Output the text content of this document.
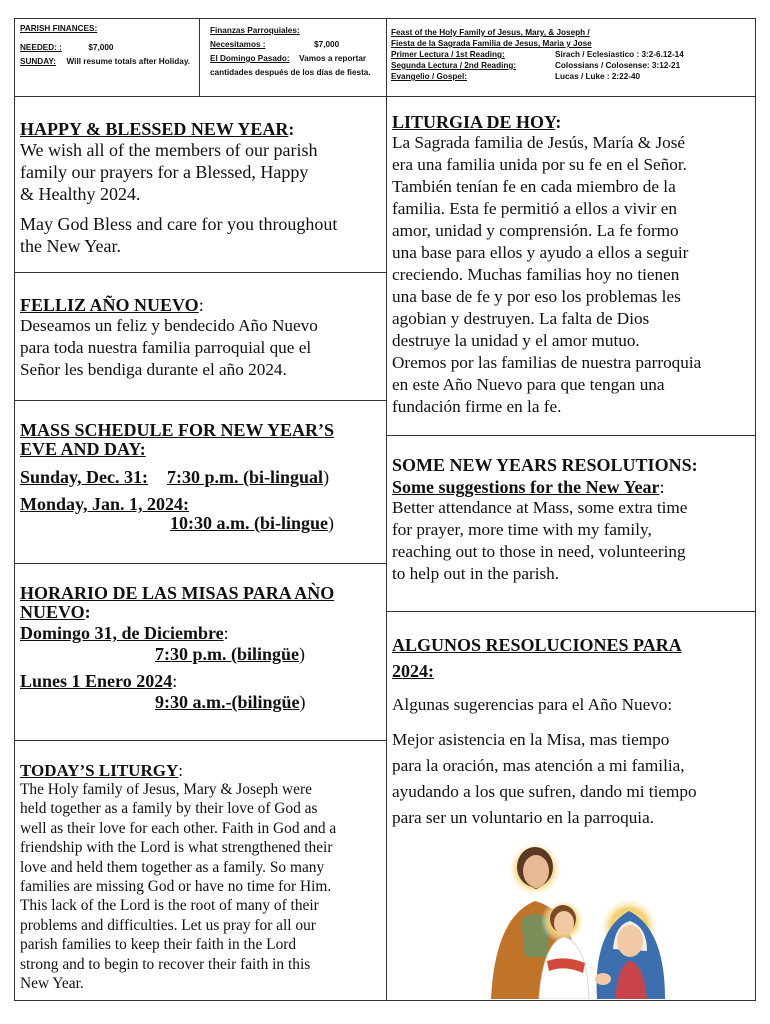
PARISH FINANCES:
NEEDED: :	$7,000
SUNDAY: Will resume totals after Holiday.
Finanzas Parroquiales:
Necesitamos :	$7,000
El Domingo Pasado: Vamos a reportar
cantidades después de los días de fiesta.
Feast of the Holy Family of Jesus, Mary, & Joseph /
Fiesta de la Sagrada Familia de Jesus, Maria y Jose
Primer Lectura / 1st Reading:	Sirach / Eclesiastico : 3:2-6.12-14
Segunda Lectura / 2nd Reading:	Colossians / Colosense: 3:12-21
Evangelio / Gospel:	Lucas / Luke : 2:22-40
HAPPY & BLESSED NEW YEAR:
We wish all of the members of our parish
family our prayers for a Blessed, Happy
& Healthy 2024.
May God Bless and care for you throughout
the New Year.
FELLIZ AÑO NUEVO:
Deseamos un feliz y bendecido Año Nuevo
para toda nuestra familia parroquial que el
Señor les bendiga durante el año 2024.
MASS SCHEDULE FOR NEW YEAR’S
EVE AND DAY:
Sunday, Dec. 31: 7:30 p.m. (bi-lingual)
Monday, Jan. 1, 2024:
10:30 a.m. (bi-lingue)
HORARIO DE LAS MISAS PARA AǸO
NUEVO:
Domingo 31, de Diciembre:
7:30 p.m. (bilingüe)
Lunes 1 Enero 2024:
9:30 a.m.-(bilingüe)
TODAY’S LITURGY:
The Holy family of Jesus, Mary & Joseph were
held together as a family by their love of God as
well as their love for each other. Faith in God and a
friendship with the Lord is what strengthened their
love and held them together as a family. So many
families are missing God or have no time for Him.
This lack of the Lord is the root of many of their
problems and difficulties. Let us pray for all our
parish families to keep their faith in the Lord
strong and to begin to recover their faith in this
New Year.
LITURGIA DE HOY:
La Sagrada familia de Jesús, María & José
era una familia unida por su fe en el Señor.
También tenían fe en cada miembro de la
familia. Esta fe permitió a ellos a vivir en
amor, unidad y comprensión. La fe formo
una base para ellos y ayudo a ellos a seguir
creciendo. Muchas familias hoy no tienen
una base de fe y por eso los problemas les
agobian y destruyen. La falta de Dios
destruye la unidad y el amor mutuo.
Oremos por las familias de nuestra parroquia
en este Año Nuevo para que tengan una
fundación firme en la fe.
SOME NEW YEARS RESOLUTIONS:
Some suggestions for the New Year:
Better attendance at Mass, some extra time
for prayer, more time with my family,
reaching out to those in need, volunteering
to help out in the parish.
ALGUNOS RESOLUCIONES PARA
2024:
Algunas sugerencias para el Año Nuevo:
Mejor asistencia en la Misa, mas tiempo
para la oración, mas atención a mi familia,
ayudando a los que sufren, dando mi tiempo
para ser un voluntario en la parroquia.
